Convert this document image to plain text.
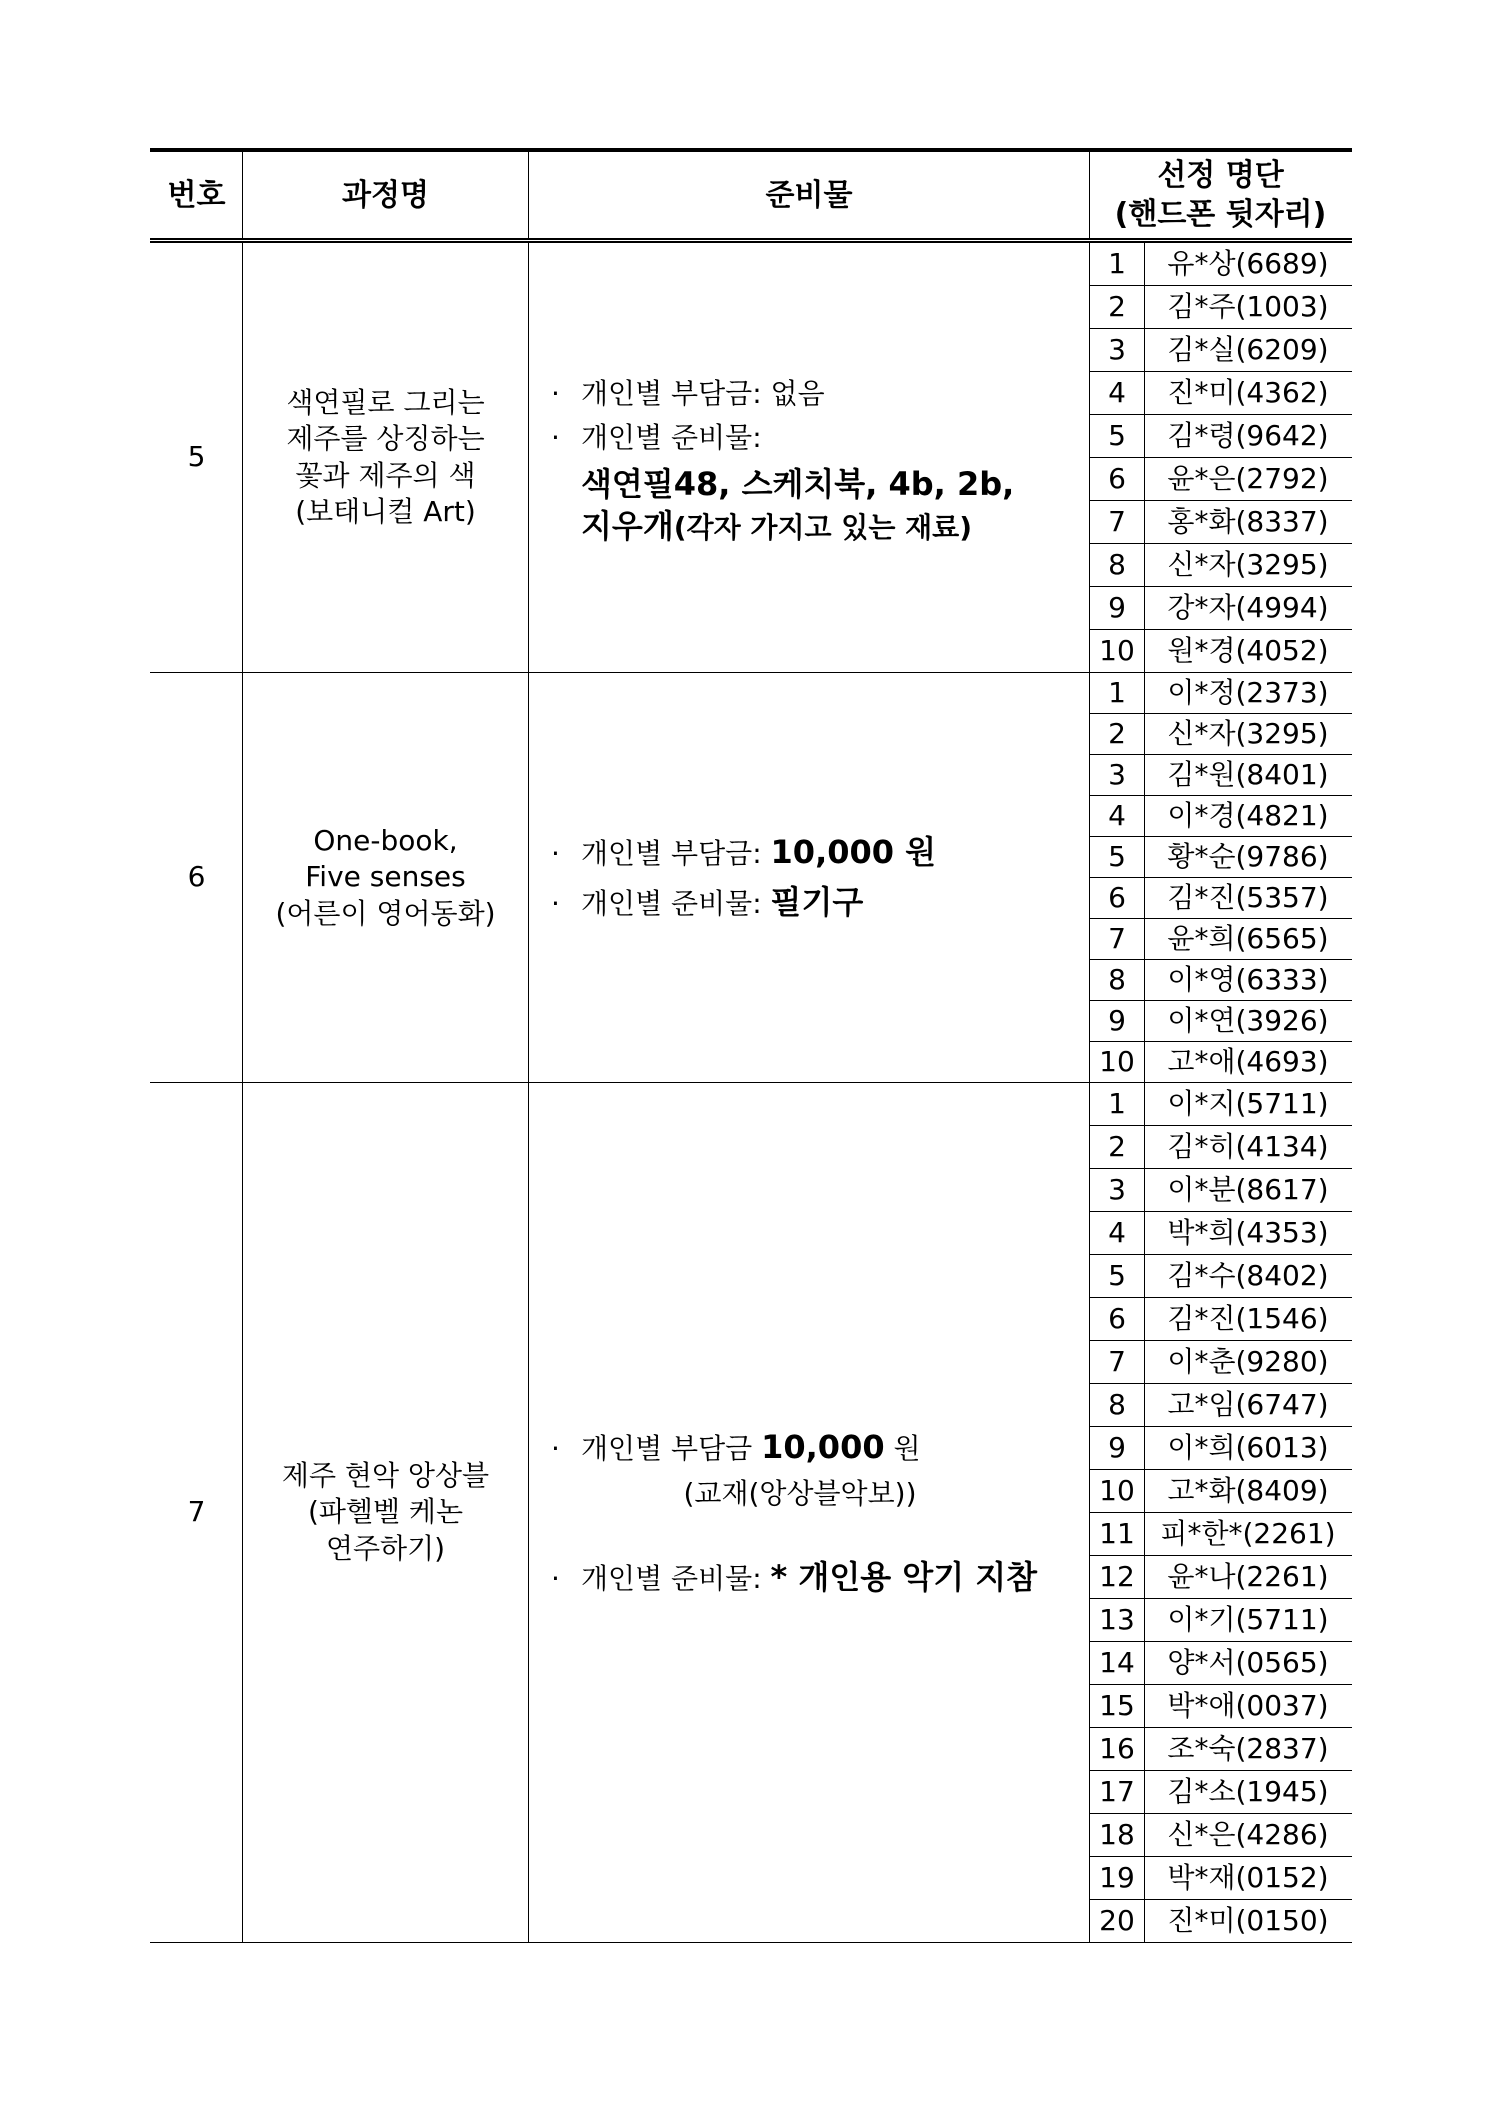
번호	과정명	준비물	선정 명단
(핸드폰 뒷자리)	

5	색연필로 그리는
제주를 상징하는
꽃과 제주의 색
(보태니컬 Art)	· 개인별 부담금: 없음
· 개인별 준비물:
색연필48, 스케치북, 4b, 2b,
지우개(각자 가지고 있는 재료)	1	유*상(6689)
			2	김*주(1003)
			3	김*실(6209)
			4	진*미(4362)
			5	김*령(9642)
			6	윤*은(2792)
			7	홍*화(8337)
			8	신*자(3295)
			9	강*자(4994)
			10	원*경(4052)
6	One-book,
Five senses
(어른이 영어동화)	· 개인별 부담금: 10,000 원
· 개인별 준비물: 필기구	1	이*정(2373)
			2	신*자(3295)
			3	김*원(8401)
			4	이*경(4821)
			5	황*순(9786)
			6	김*진(5357)
			7	윤*희(6565)
			8	이*영(6333)
			9	이*연(3926)
			10	고*애(4693)
7	제주 현악 앙상블
(파헬벨 케논
연주하기)	· 개인별 부담금 10,000 원
(교재(앙상블악보))
· 개인별 준비물: * 개인용 악기 지참	1	이*지(5711)
			2	김*히(4134)
			3	이*분(8617)
			4	박*희(4353)
			5	김*수(8402)
			6	김*진(1546)
			7	이*춘(9280)
			8	고*임(6747)
			9	이*희(6013)
			10	고*화(8409)
			11	피*한*(2261)
			12	윤*나(2261)
			13	이*기(5711)
			14	양*서(0565)
			15	박*애(0037)
			16	조*숙(2837)
			17	김*소(1945)
			18	신*은(4286)
			19	박*재(0152)
			20	진*미(0150)
